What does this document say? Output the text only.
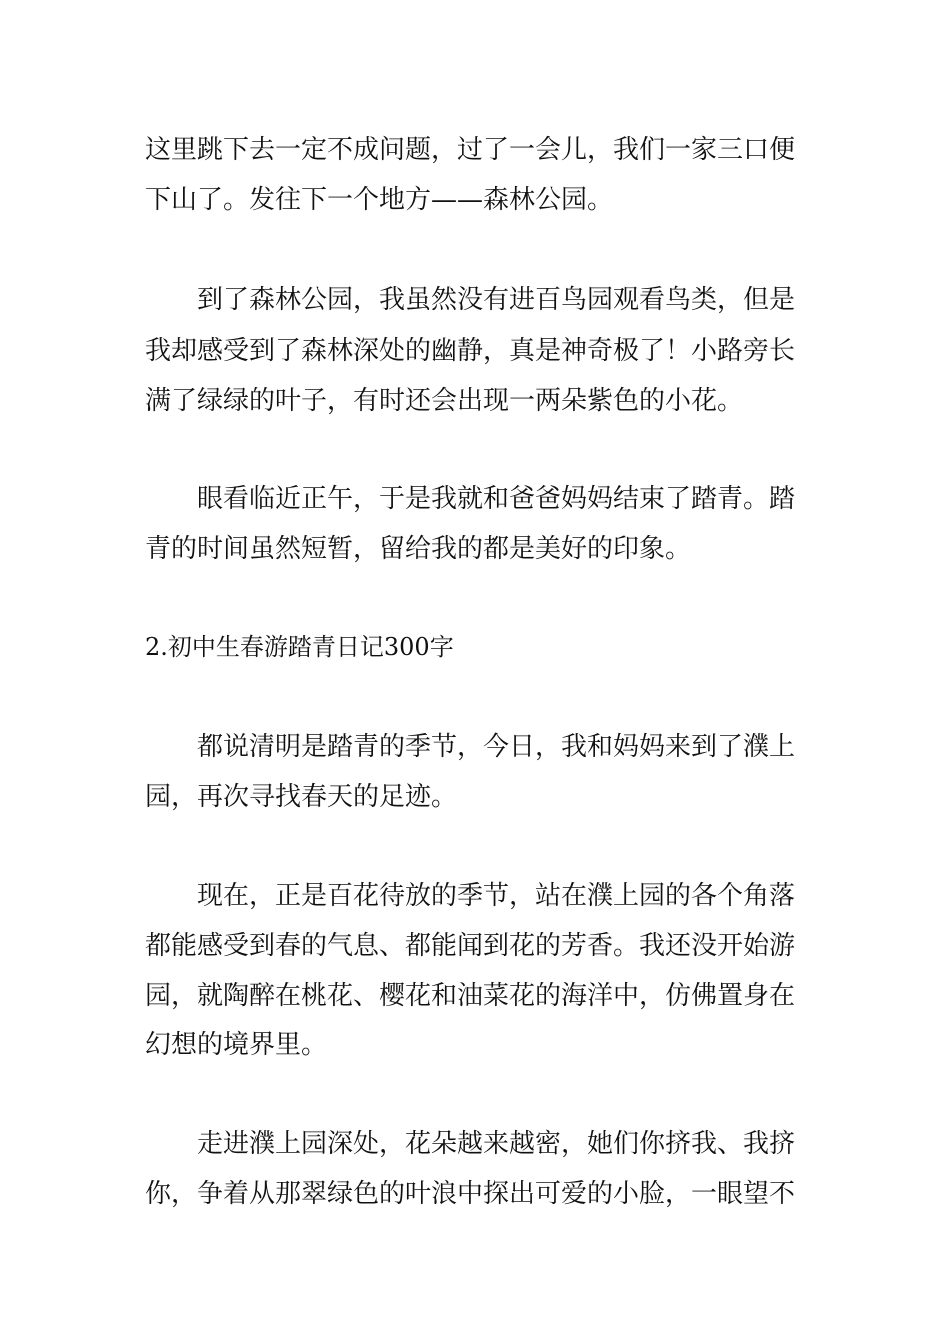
这里跳下去一定不成问题，过了一会儿，我们一家三口便

下山了。发往下一个地方——森林公园。

到了森林公园，我虽然没有进百鸟园观看鸟类，但是

我却感受到了森林深处的幽静，真是神奇极了！小路旁长

满了绿绿的叶子，有时还会出现一两朵紫色的小花。

眼看临近正午，于是我就和爸爸妈妈结束了踏青。踏

青的时间虽然短暂，留给我的都是美好的印象。

2.初中生春游踏青日记300字

都说清明是踏青的季节，今日，我和妈妈来到了濮上

园，再次寻找春天的足迹。

现在，正是百花待放的季节，站在濮上园的各个角落

都能感受到春的气息、都能闻到花的芳香。我还没开始游

园，就陶醉在桃花、樱花和油菜花的海洋中，仿佛置身在

幻想的境界里。

走进濮上园深处，花朵越来越密，她们你挤我、我挤

你，争着从那翠绿色的叶浪中探出可爱的小脸，一眼望不
